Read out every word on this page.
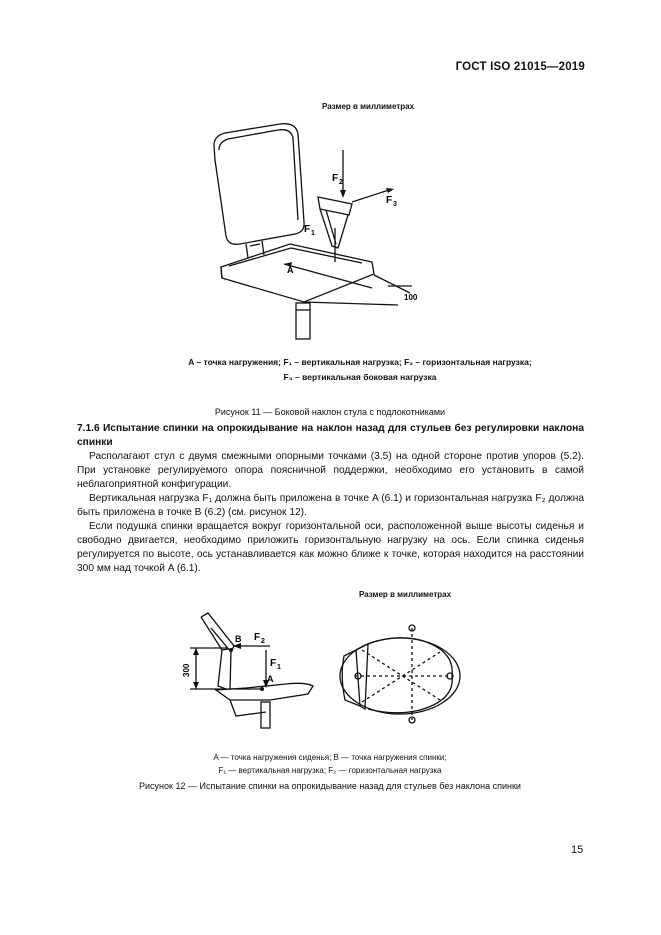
ГОСТ ISO 21015—2019
Размер в миллиметрах
F 2
F 3
F 1
A
100
A – точка нагружения; F₁ – вертикальная нагрузка; F₂ – горизонтальная нагрузка;
F₃ – вертикальная боковая нагрузка
Рисунок 11 — Боковой наклон стула с подлокотниками

7.1.6 Испытание спинки на опрокидывание на наклон назад для стульев без регулировки наклона спинки

Располагают стул с двумя смежными опорными точками (3.5) на одной стороне против упоров (5.2). При установке регулируемого опора поясничной поддержки, необходимо его установить в самой неблагоприятной конфигурации.

Вертикальная нагрузка F₁ должна быть приложена в точке A (6.1) и горизонтальная нагрузка F₂ должна быть приложена в точке B (6.2) (см. рисунок 12).

Если подушка спинки вращается вокруг горизонтальной оси, расположенной выше высоты сиденья и свободно двигается, необходимо приложить горизонтальную нагрузку на ось. Если спинка сиденья регулируется по высоте, ось устанавливается как можно ближе к точке, которая находится на расстоянии 300 мм над точкой A (6.1).

Размер в миллиметрах
B F 2
F 1
A
300
A — точка нагружения сиденья; B — точка нагружения спинки;
F₁ — вертикальная нагрузка; F₂ — горизонтальная нагрузка
Рисунок 12 — Испытание спинки на опрокидывание назад для стульев без наклона спинки
15
